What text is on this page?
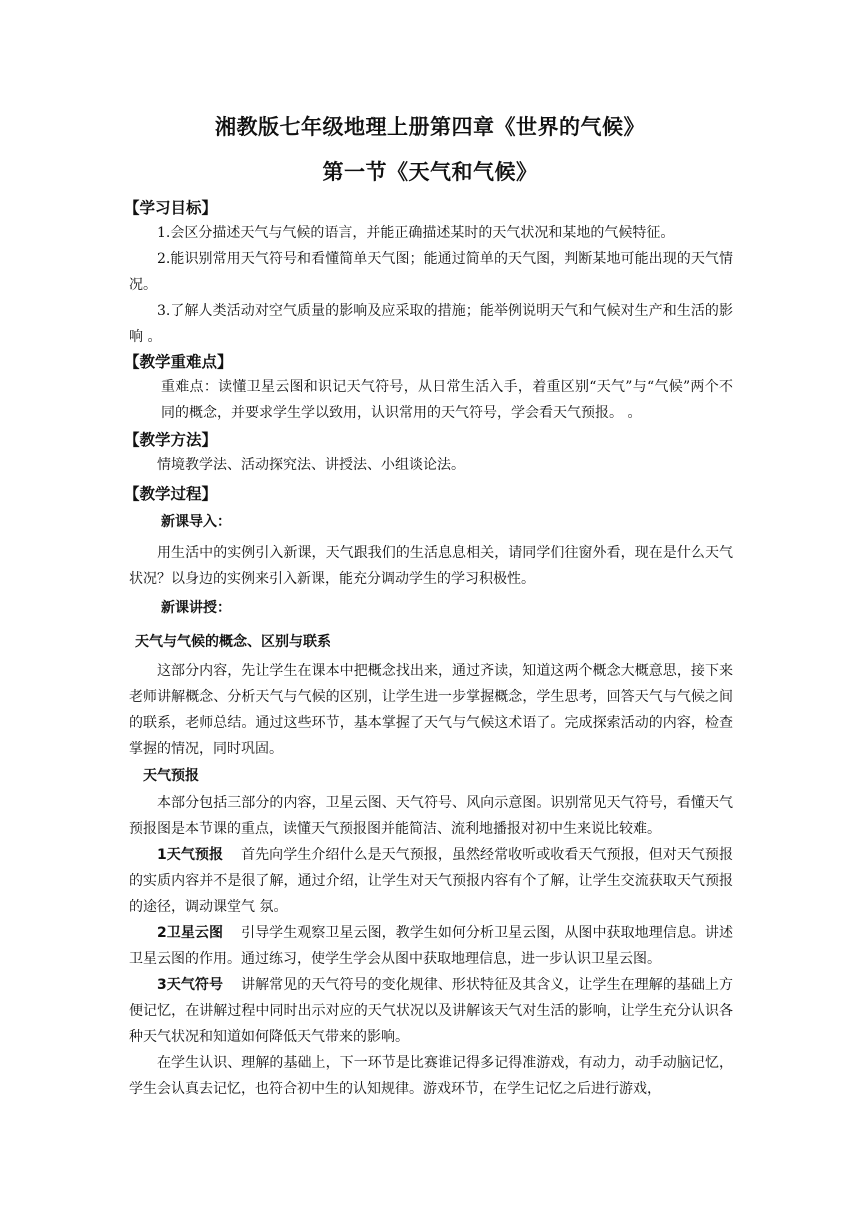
湘教版七年级地理上册第四章《世界的气候》
第一节《天气和气候》
【学习目标】

1.会区分描述天气与气候的语言，并能正确描述某时的天气状况和某地的气候特征。

2.能识别常用天气符号和看懂简单天气图；能通过简单的天气图，判断某地可能出现的天气情况。

3.了解人类活动对空气质量的影响及应采取的措施；能举例说明天气和气候对生产和生活的影响 。

【教学重难点】

重难点：读懂卫星云图和识记天气符号，从日常生活入手，着重区别“天气”与“气候”两个不同的概念，并要求学生学以致用，认识常用的天气符号，学会看天气预报。 。

【教学方法】

情境教学法、活动探究法、讲授法、小组谈论法。

【教学过程】
新课导入：

用生活中的实例引入新课，天气跟我们的生活息息相关，请同学们往窗外看，现在是什么天气状况？以身边的实例来引入新课，能充分调动学生的学习积极性。

新课讲授：
天气与气候的概念、区别与联系

这部分内容，先让学生在课本中把概念找出来，通过齐读，知道这两个概念大概意思，接下来老师讲解概念、分析天气与气候的区别，让学生进一步掌握概念，学生思考，回答天气与气候之间的联系，老师总结。通过这些环节，基本掌握了天气与气候这术语了。完成探索活动的内容，检查掌握的情况，同时巩固。

天气预报

本部分包括三部分的内容，卫星云图、天气符号、风向示意图。识别常见天气符号，看懂天气预报图是本节课的重点，读懂天气预报图并能简洁、流利地播报对初中生来说比较难。

1天气预报 首先向学生介绍什么是天气预报，虽然经常收听或收看天气预报，但对天气预报的实质内容并不是很了解，通过介绍，让学生对天气预报内容有个了解，让学生交流获取天气预报的途径，调动课堂气 氛。

2卫星云图 引导学生观察卫星云图，教学生如何分析卫星云图，从图中获取地理信息。讲述卫星云图的作用。通过练习，使学生学会从图中获取地理信息，进一步认识卫星云图。

3天气符号 讲解常见的天气符号的变化规律、形状特征及其含义，让学生在理解的基础上方便记忆，在讲解过程中同时出示对应的天气状况以及讲解该天气对生活的影响，让学生充分认识各种天气状况和知道如何降低天气带来的影响。

在学生认识、理解的基础上，下一环节是比赛谁记得多记得准游戏，有动力，动手动脑记忆，学生会认真去记忆，也符合初中生的认知规律。游戏环节，在学生记忆之后进行游戏，
